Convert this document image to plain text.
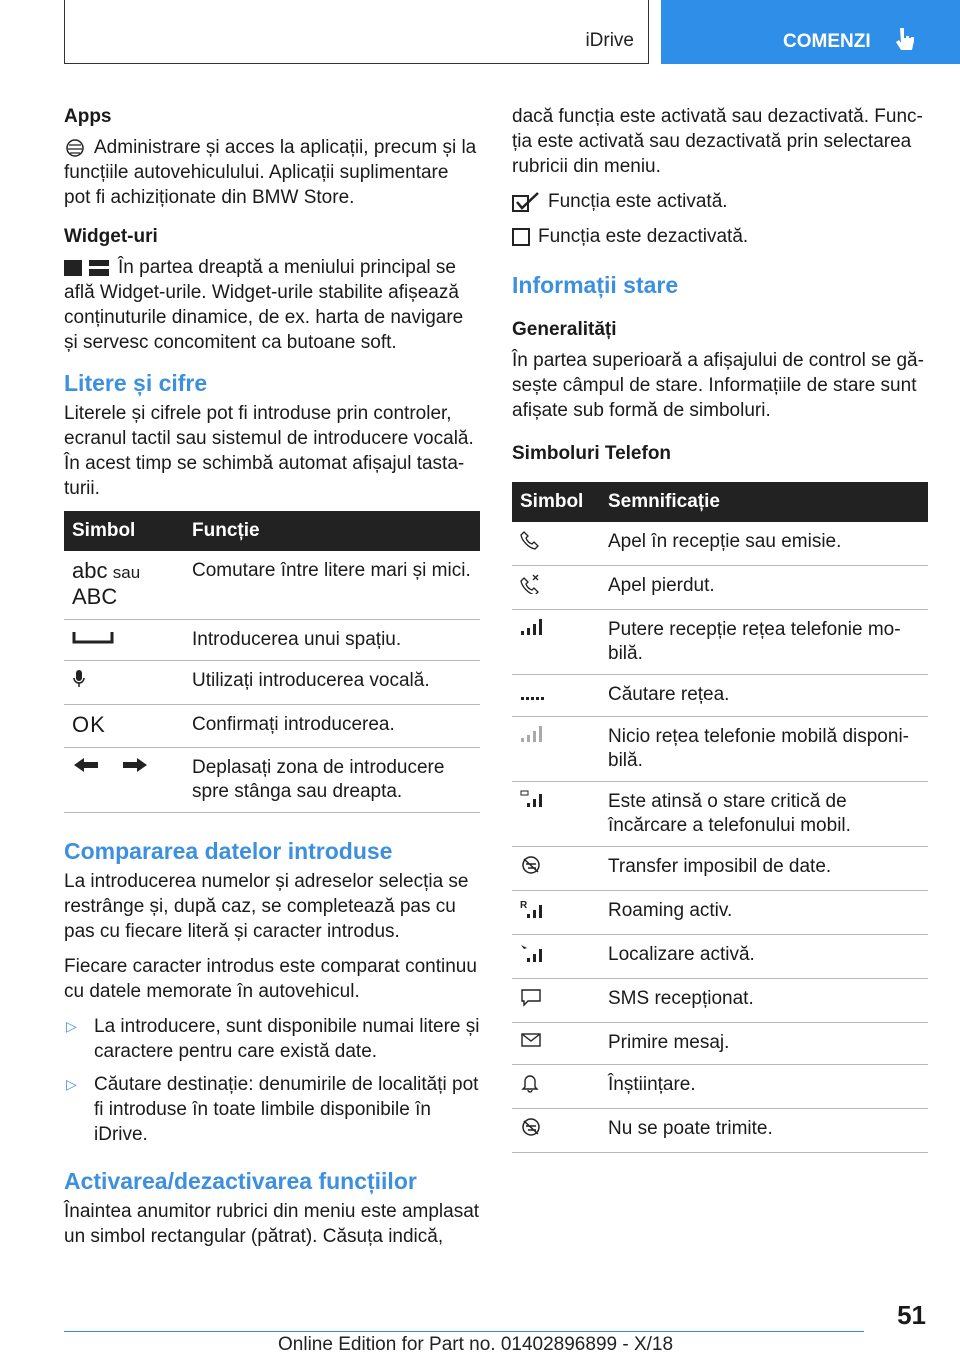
iDrive	COMENZI
Apps

Administrare și acces la aplicații, precum și la funcțiile autovehiculului. Aplicații suplimentare pot fi achiziționate din BMW Store.

Widget-uri

În partea dreaptă a meniului principal se află Widget-urile. Widget-urile stabilite afișează conținuturile dinamice, de ex. harta de navigare și servesc concomitent ca butoane soft.

Litere și cifre

Literele și cifrele pot fi introduse prin controler, ecranul tactil sau sistemul de introducere vocală. În acest timp se schimbă automat afișajul tasta-turii.

Simbol	Funcție
abc sau
ABC	Comutare între litere mari și mici.
	Introducerea unui spațiu.
	Utilizați introducerea vocală.
OK	Confirmați introducerea.
	Deplasați zona de introducere spre stânga sau dreapta.
Compararea datelor introduse

La introducerea numelor și adreselor selecția se restrânge și, după caz, se completează pas cu pas cu fiecare literă și caracter introdus.

Fiecare caracter introdus este comparat continuu cu datele memorate în autovehicul.

▷ La introducere, sunt disponibile numai litere și caractere pentru care există date.
▷ Căutare destinație: denumirile de localități pot fi introduse în toate limbile disponibile în iDrive.
Activarea/dezactivarea funcțiilor

Înaintea anumitor rubrici din meniu este amplasat un simbol rectangular (pătrat). Căsuța indică,

dacă funcția este activată sau dezactivată. Func-ția este activată sau dezactivată prin selectarea rubricii din meniu.

Funcția este activată.

Funcția este dezactivată.

Informații stare
Generalități

În partea superioară a afișajului de control se gă-sește câmpul de stare. Informațiile de stare sunt afișate sub formă de simboluri.

Simboluri Telefon
Simbol	Semnificație
	Apel în recepție sau emisie.
	Apel pierdut.
	Putere recepție rețea telefonie mo-bilă.
	Căutare rețea.
	Nicio rețea telefonie mobilă disponi-bilă.
	Este atinsă o stare critică de încărcare a telefonului mobil.
	Transfer imposibil de date.

R	Roaming activ.
	Localizare activă.
	SMS recepționat.
	Primire mesaj.
	Înștiințare.
	Nu se poate trimite.
51
Online Edition for Part no. 01402896899 - X/18
